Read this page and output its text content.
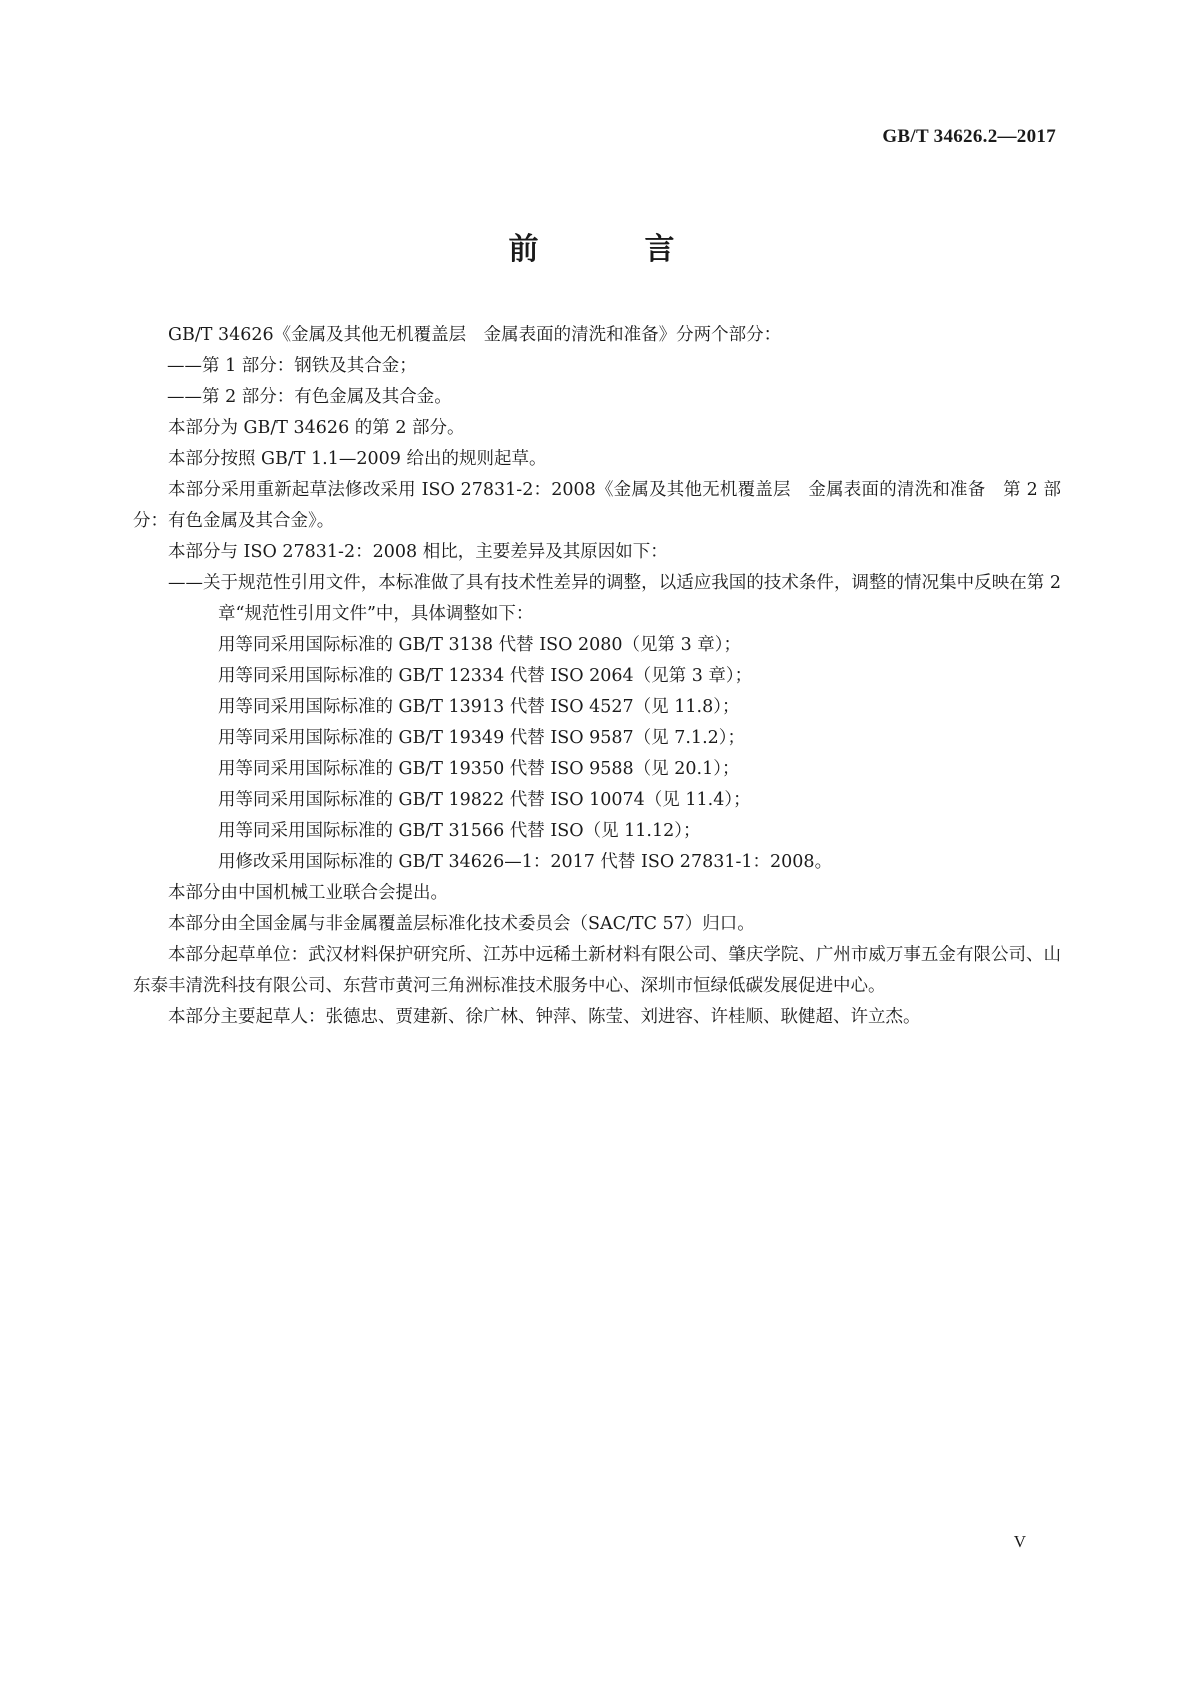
GB/T 34626.2—2017
前　言

GB/T 34626《金属及其他无机覆盖层　金属表面的清洗和准备》分两个部分：

——第 1 部分：钢铁及其合金；

——第 2 部分：有色金属及其合金。

本部分为 GB/T 34626 的第 2 部分。

本部分按照 GB/T 1.1—2009 给出的规则起草。

本部分采用重新起草法修改采用 ISO 27831-2：2008《金属及其他无机覆盖层　金属表面的清洗和准备　第 2 部分：有色金属及其合金》。

本部分与 ISO 27831-2：2008 相比，主要差异及其原因如下：

——关于规范性引用文件，本标准做了具有技术性差异的调整，以适应我国的技术条件，调整的情况集中反映在第 2 章“规范性引用文件”中，具体调整如下：

用等同采用国际标准的 GB/T 3138 代替 ISO 2080（见第 3 章）；

用等同采用国际标准的 GB/T 12334 代替 ISO 2064（见第 3 章）；

用等同采用国际标准的 GB/T 13913 代替 ISO 4527（见 11.8）；

用等同采用国际标准的 GB/T 19349 代替 ISO 9587（见 7.1.2）；

用等同采用国际标准的 GB/T 19350 代替 ISO 9588（见 20.1）；

用等同采用国际标准的 GB/T 19822 代替 ISO 10074（见 11.4）；

用等同采用国际标准的 GB/T 31566 代替 ISO（见 11.12）；

用修改采用国际标准的 GB/T 34626—1：2017 代替 ISO 27831-1：2008。

本部分由中国机械工业联合会提出。

本部分由全国金属与非金属覆盖层标准化技术委员会（SAC/TC 57）归口。

本部分起草单位：武汉材料保护研究所、江苏中远稀土新材料有限公司、肇庆学院、广州市威万事五金有限公司、山东泰丰清洗科技有限公司、东营市黄河三角洲标准技术服务中心、深圳市恒绿低碳发展促进中心。

本部分主要起草人：张德忠、贾建新、徐广林、钟萍、陈莹、刘进容、许桂顺、耿健超、许立杰。

V
